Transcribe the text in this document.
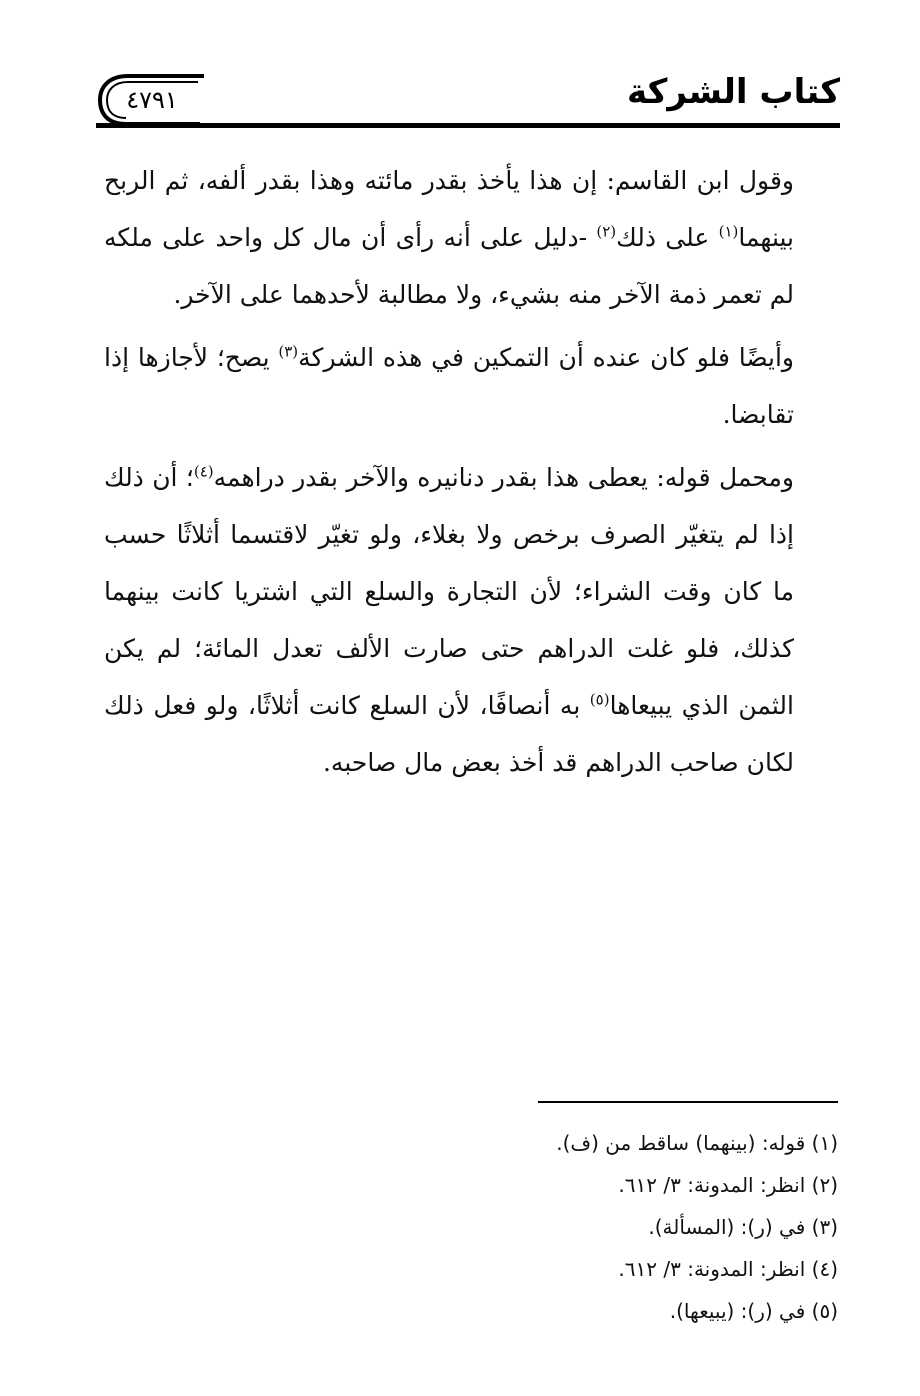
كتاب الشركة
٤٧٩١

وقول ابن القاسم: إن هذا يأخذ بقدر مائته وهذا بقدر ألفه، ثم الربح بينهما$^{(١)}$ على ذلك$^{(٢)}$ -دليل على أنه رأى أن مال كل واحد على ملكه لم تعمر ذمة الآخر منه بشيء، ولا مطالبة لأحدهما على الآخر.

وأيضًا فلو كان عنده أن التمكين في هذه الشركة$^{(٣)}$ يصح؛ لأجازها إذا تقابضا.

ومحمل قوله: يعطى هذا بقدر دنانيره والآخر بقدر دراهمه$^{(٤)}$؛ أن ذلك إذا لم يتغيّر الصرف برخص ولا بغلاء، ولو تغيّر لاقتسما أثلاثًا حسب ما كان وقت الشراء؛ لأن التجارة والسلع التي اشتريا كانت بينهما كذلك، فلو غلت الدراهم حتى صارت الألف تعدل المائة؛ لم يكن الثمن الذي يبيعاها$^{(٥)}$ به أنصافًا، لأن السلع كانت أثلاثًا، ولو فعل ذلك لكان صاحب الدراهم قد أخذ بعض مال صاحبه.

(١) قوله: (بينهما) ساقط من (ف).

(٢) انظر: المدونة: ٣/ ٦١٢.

(٣) في (ر): (المسألة).

(٤) انظر: المدونة: ٣/ ٦١٢.

(٥) في (ر): (يبيعها).
